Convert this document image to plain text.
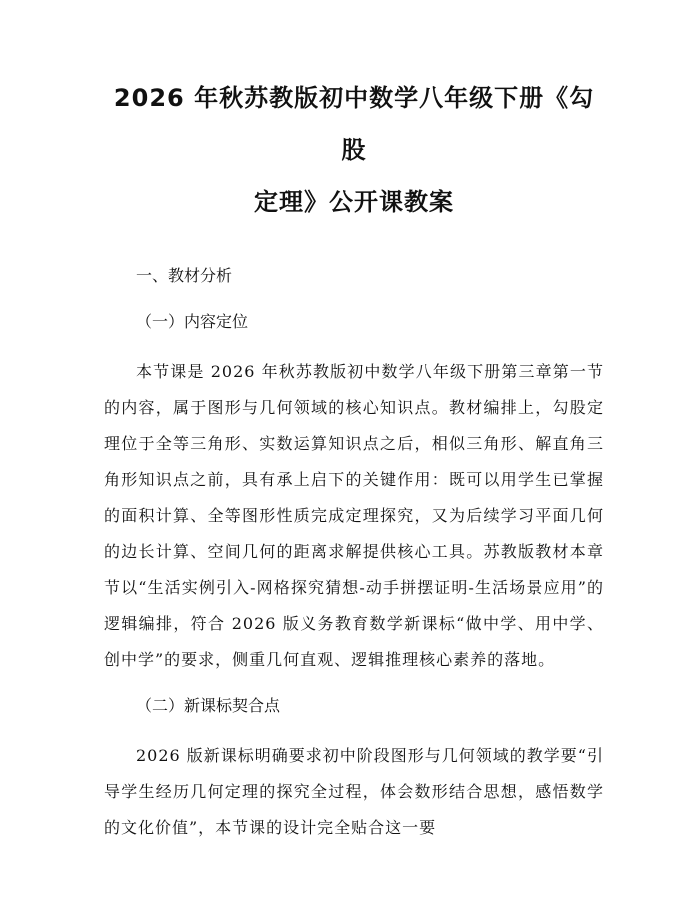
2026 年秋苏教版初中数学八年级下册《勾股
定理》公开课教案

一、教材分析

（一）内容定位

本节课是 2026 年秋苏教版初中数学八年级下册第三章第一节的内容，属于图形与几何领域的核心知识点。教材编排上，勾股定理位于全等三角形、实数运算知识点之后，相似三角形、解直角三角形知识点之前，具有承上启下的关键作用：既可以用学生已掌握的面积计算、全等图形性质完成定理探究，又为后续学习平面几何的边长计算、空间几何的距离求解提供核心工具。苏教版教材本章节以“生活实例引入-网格探究猜想-动手拼摆证明-生活场景应用”的逻辑编排，符合 2026 版义务教育数学新课标“做中学、用中学、创中学”的要求，侧重几何直观、逻辑推理核心素养的落地。

（二）新课标契合点

2026 版新课标明确要求初中阶段图形与几何领域的教学要“引导学生经历几何定理的探究全过程，体会数形结合思想，感悟数学的文化价值”，本节课的设计完全贴合这一要
